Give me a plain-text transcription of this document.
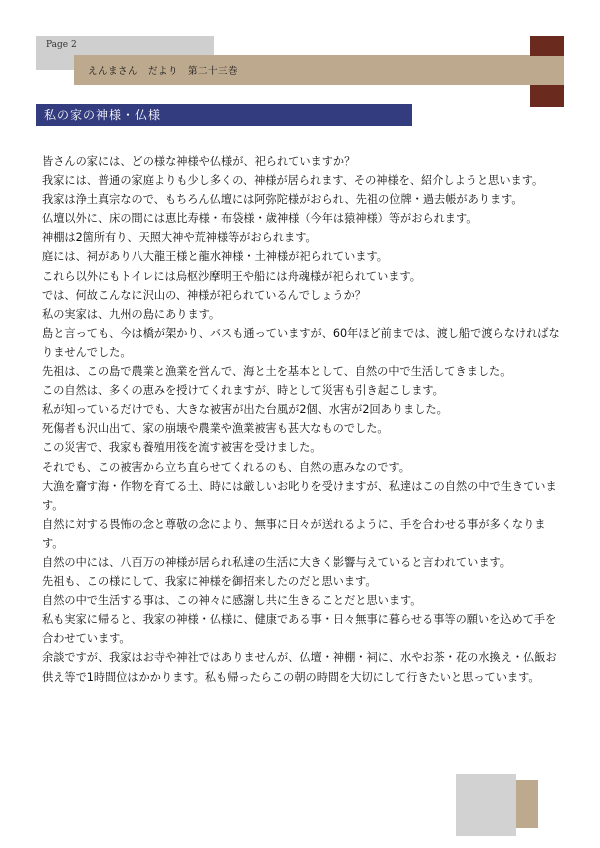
Page 2
えんまさん　だより　第二十三巻
私の家の神様・仏様

皆さんの家には、どの様な神様や仏様が、祀られていますか？

我家には、普通の家庭よりも少し多くの、神様が居られます、その神様を、紹介しようと思います。

我家は浄土真宗なので、もちろん仏壇には阿弥陀様がおられ、先祖の位牌・過去帳があります。

仏壇以外に、床の間には恵比寿様・布袋様・歳神様（今年は猿神様）等がおられます。

神棚は2箇所有り、天照大神や荒神様等がおられます。

庭には、祠があり八大龍王様と龍水神様・土神様が祀られています。

これら以外にもトイレには烏枢沙摩明王や船には舟魂様が祀られています。

では、何故こんなに沢山の、神様が祀られているんでしょうか？

私の実家は、九州の島にあります。

島と言っても、今は橋が架かり、バスも通っていますが、60年ほど前までは、渡し船で渡らなければなりませんでした。

先祖は、この島で農業と漁業を営んで、海と土を基本として、自然の中で生活してきました。

この自然は、多くの恵みを授けてくれますが、時として災害も引き起こします。

私が知っているだけでも、大きな被害が出た台風が2個、水害が2回ありました。

死傷者も沢山出て、家の崩壊や農業や漁業被害も甚大なものでした。

この災害で、我家も養殖用筏を流す被害を受けました。

それでも、この被害から立ち直らせてくれるのも、自然の恵みなのです。

大漁を齎す海・作物を育てる土、時には厳しいお叱りを受けますが、私達はこの自然の中で生きています。

自然に対する畏怖の念と尊敬の念により、無事に日々が送れるように、手を合わせる事が多くなります。

自然の中には、八百万の神様が居られ私達の生活に大きく影響与えていると言われています。

先祖も、この様にして、我家に神様を御招来したのだと思います。

自然の中で生活する事は、この神々に感謝し共に生きることだと思います。

私も実家に帰ると、我家の神様・仏様に、健康である事・日々無事に暮らせる事等の願いを込めて手を合わせています。

余談ですが、我家はお寺や神社ではありませんが、仏壇・神棚・祠に、水やお茶・花の水換え・仏飯お供え等で1時間位はかかります。私も帰ったらこの朝の時間を大切にして行きたいと思っています。
